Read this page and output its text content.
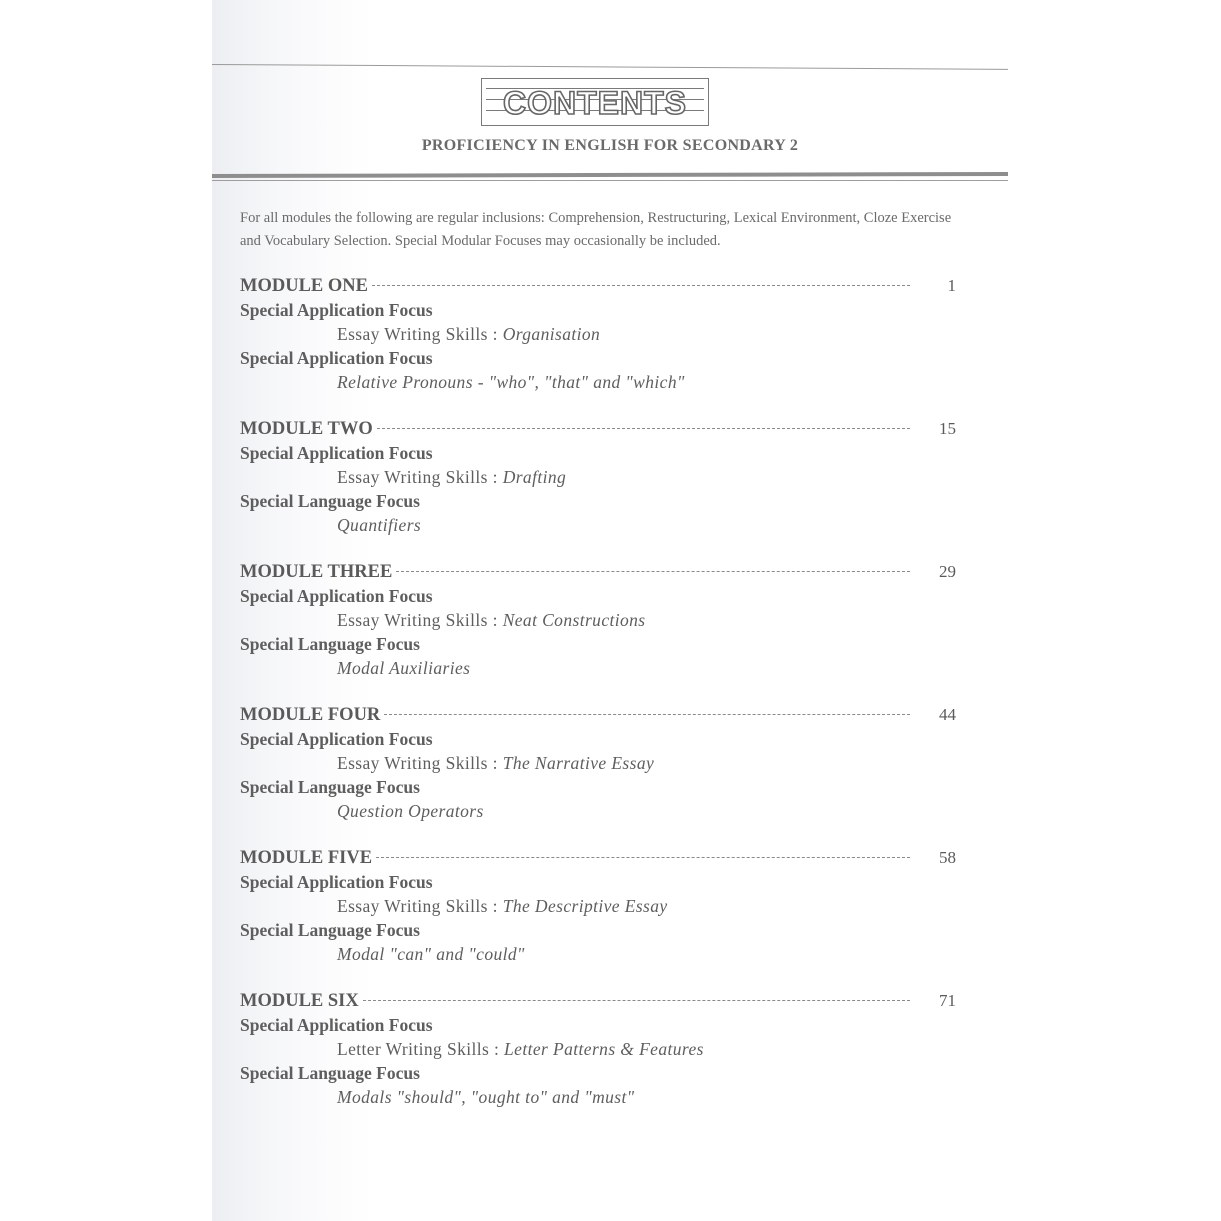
CONTENTS
PROFICIENCY IN ENGLISH FOR SECONDARY 2
For all modules the following are regular inclusions: Comprehension, Restructuring, Lexical Environment, Cloze Exercise and Vocabulary Selection. Special Modular Focuses may occasionally be included.
MODULE ONE	1
Special Application Focus
Essay Writing Skills : Organisation
Special Application Focus
Relative Pronouns - "who", "that" and "which"
MODULE TWO	15
Special Application Focus
Essay Writing Skills : Drafting
Special Language Focus
Quantifiers
MODULE THREE	29
Special Application Focus
Essay Writing Skills : Neat Constructions
Special Language Focus
Modal Auxiliaries
MODULE FOUR	44
Special Application Focus
Essay Writing Skills : The Narrative Essay
Special Language Focus
Question Operators
MODULE FIVE	58
Special Application Focus
Essay Writing Skills : The Descriptive Essay
Special Language Focus
Modal "can" and "could"
MODULE SIX	71
Special Application Focus
Letter Writing Skills : Letter Patterns & Features
Special Language Focus
Modals "should", "ought to" and "must"
